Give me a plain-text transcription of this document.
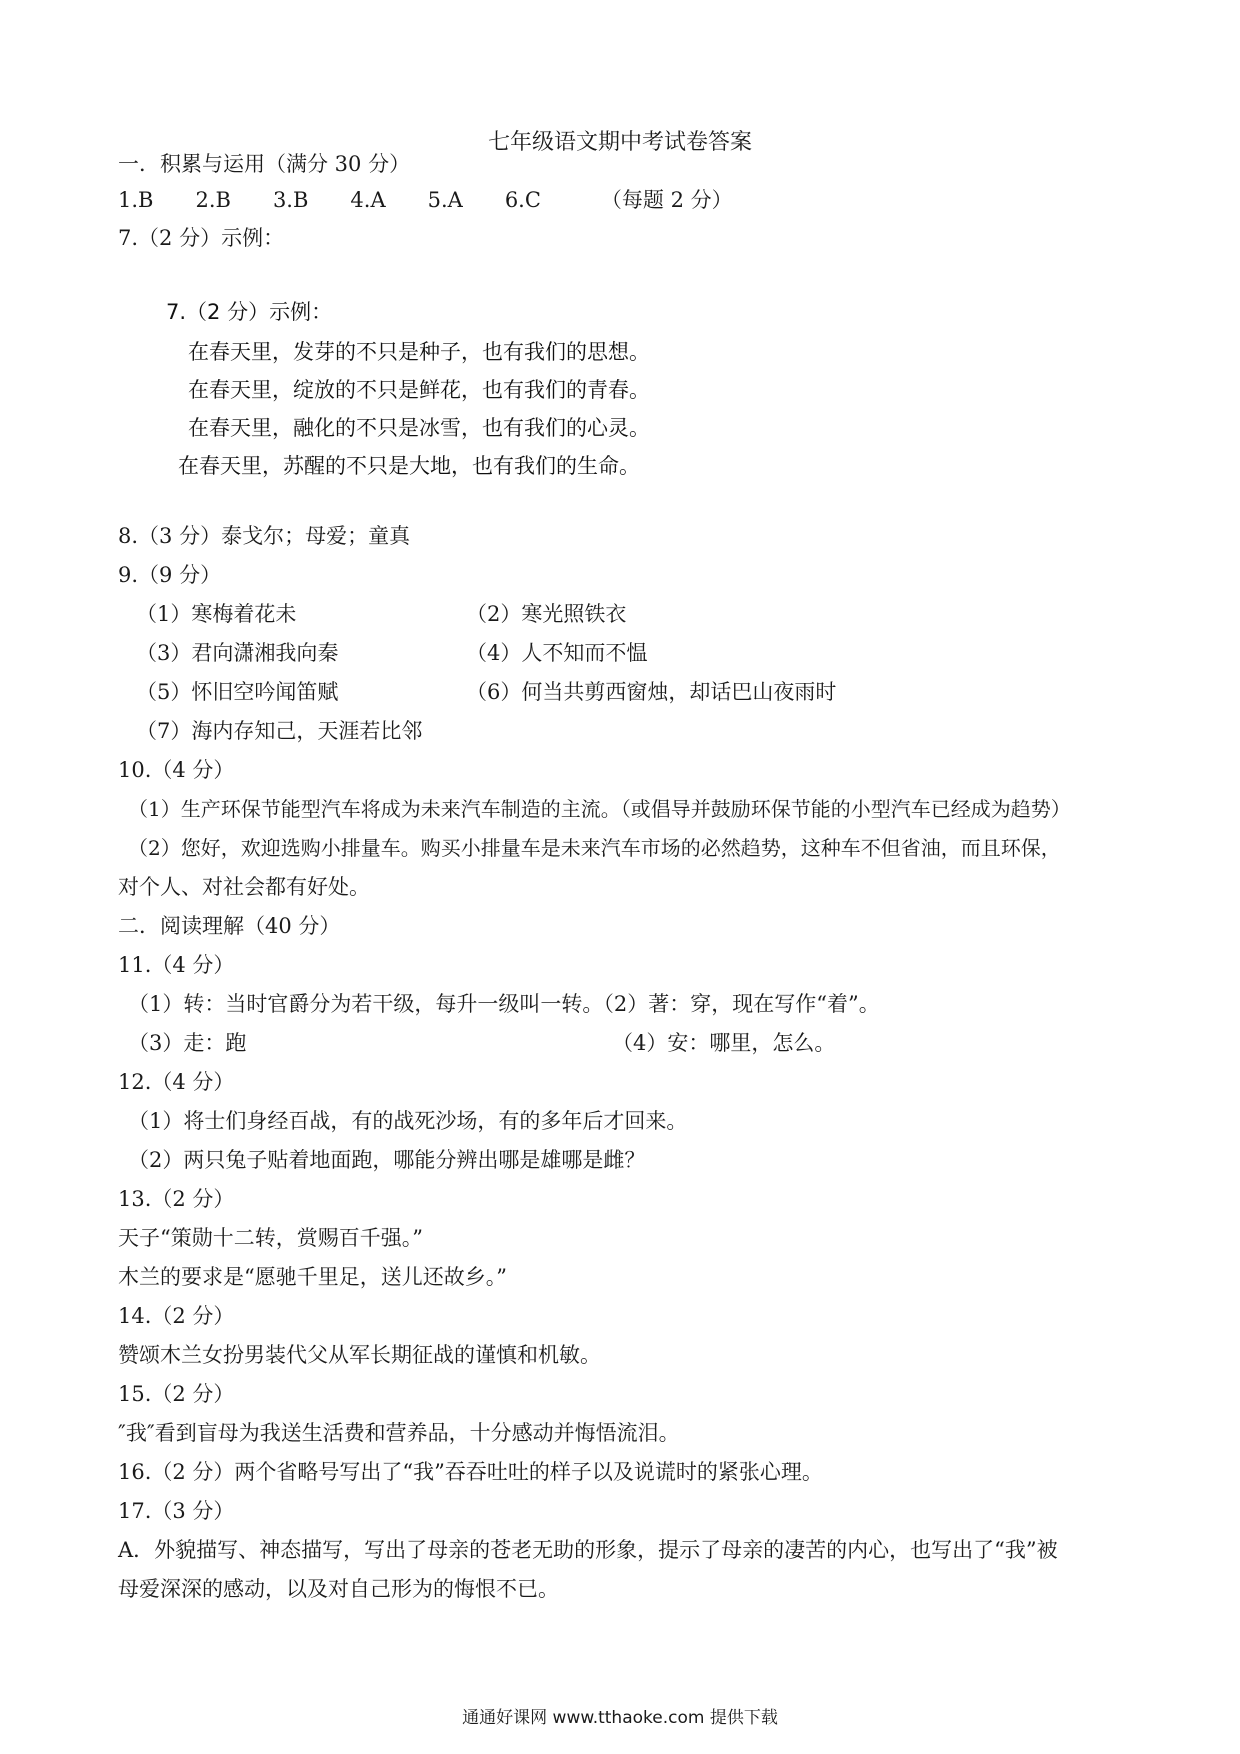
七年级语文期中考试卷答案
一．积累与运用（满分 30 分）
1.B 2.B 3.B 4.A 5.A 6.C	（每题 2 分）
7.（2 分）示例：
7.（2 分）示例：
在春天里，发芽的不只是种子，也有我们的思想。
在春天里，绽放的不只是鲜花，也有我们的青春。
在春天里，融化的不只是冰雪，也有我们的心灵。
在春天里，苏醒的不只是大地，也有我们的生命。
8.（3 分）泰戈尔；母爱；童真
9.（9 分）
（1）寒梅着花未	（2）寒光照铁衣
（3）君向潇湘我向秦	（4）人不知而不愠
（5）怀旧空吟闻笛赋	（6）何当共剪西窗烛，却话巴山夜雨时
（7）海内存知己，天涯若比邻
10.（4 分）
（1）生产环保节能型汽车将成为未来汽车制造的主流。（或倡导并鼓励环保节能的小型汽车已经成为趋势）
（2）您好，欢迎选购小排量车。购买小排量车是未来汽车市场的必然趋势，这种车不但省油，而且环保，
对个人、对社会都有好处。
二．阅读理解（40 分）
11.（4 分）
（1）转：当时官爵分为若干级，每升一级叫一转。（2）著：穿，现在写作“着”。
（3）走：跑	（4）安：哪里，怎么。
12.（4 分）
（1）将士们身经百战，有的战死沙场，有的多年后才回来。
（2）两只兔子贴着地面跑，哪能分辨出哪是雄哪是雌？
13.（2 分）
天子“策勋十二转，赏赐百千强。”
木兰的要求是“愿驰千里足，送儿还故乡。”
14.（2 分）
赞颂木兰女扮男装代父从军长期征战的谨慎和机敏。
15.（2 分）
″我″看到盲母为我送生活费和营养品，十分感动并悔悟流泪。
16.（2 分）两个省略号写出了“我”吞吞吐吐的样子以及说谎时的紧张心理。
17.（3 分）
A．外貌描写、神态描写，写出了母亲的苍老无助的形象，提示了母亲的凄苦的内心，也写出了“我”被
母爱深深的感动，以及对自己形为的悔恨不已。
通通好课网 www.tthaoke.com 提供下载
